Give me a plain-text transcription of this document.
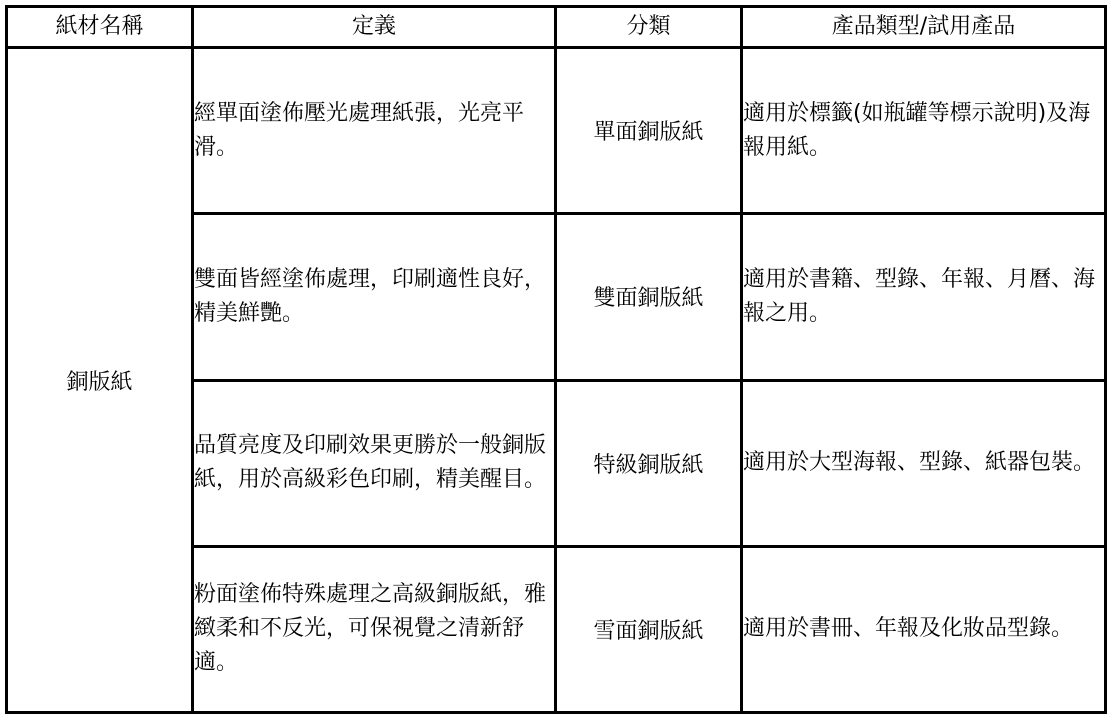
紙材名稱	定義	分類	產品類型/試用產品
銅版紙	經單面塗佈壓光處理紙張，光亮平滑。	單面銅版紙	適用於標籤(如瓶罐等標示說明)及海報用紙。
	雙面皆經塗佈處理，印刷適性良好，精美鮮艷。	雙面銅版紙	適用於書籍、型錄、年報、月曆、海報之用。
	品質亮度及印刷效果更勝於一般銅版紙，用於高級彩色印刷，精美醒目。	特級銅版紙	適用於大型海報、型錄、紙器包裝。
	粉面塗佈特殊處理之高級銅版紙，雅緻柔和不反光，可保視覺之清新舒適。	雪面銅版紙	適用於書冊、年報及化妝品型錄。
